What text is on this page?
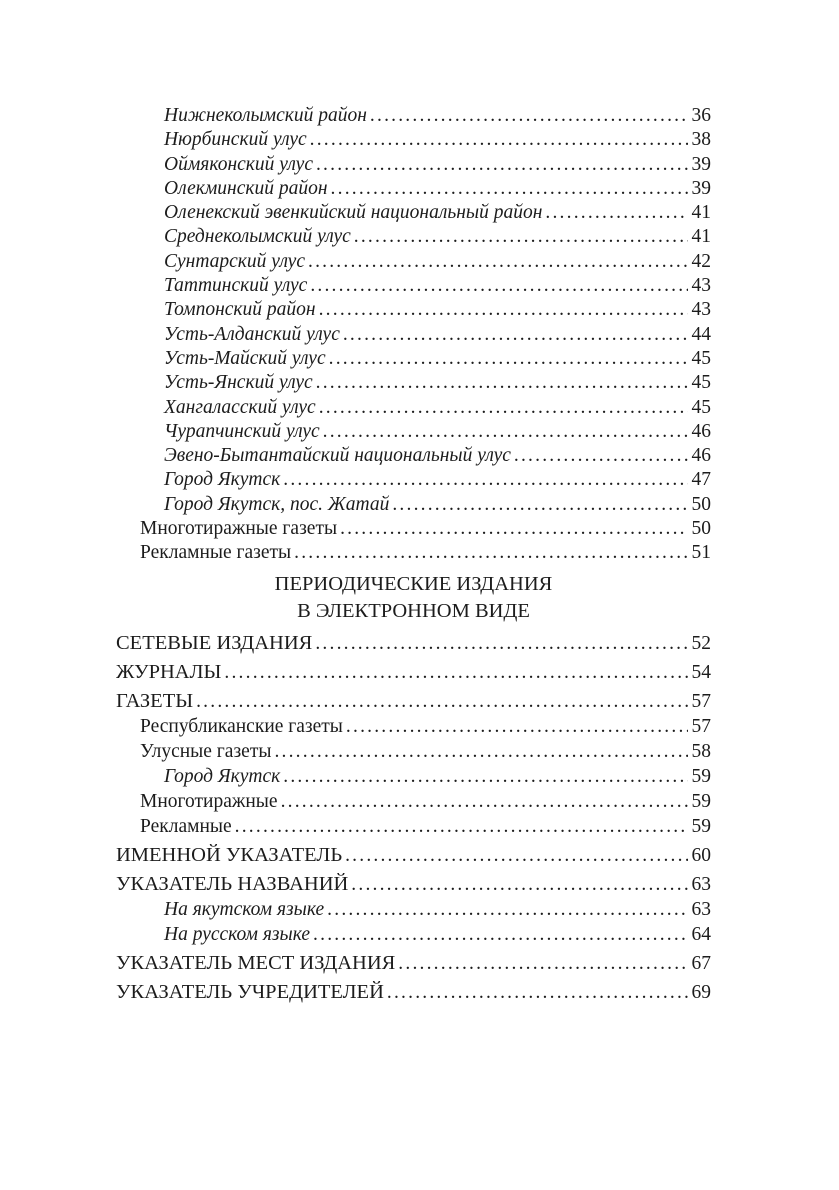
Нижнеколымский район .....	36
Нюрбинский улус .....	38
Оймяконский улус .....	39
Олекминский район .....	39
Оленекский эвенкийский национальный район .....	41
Среднеколымский улус .....	41
Сунтарский улус .....	42
Таттинский улус .....	43
Томпонский район .....	43
Усть-Алданский улус .....	44
Усть-Майский улус .....	45
Усть-Янский улус .....	45
Хангаласский улус .....	45
Чурапчинский улус .....	46
Эвено-Бытантайский национальный улус .....	46
Город Якутск .....	47
Город Якутск, пос. Жатай .....	50
Многотиражные газеты .....	50
Рекламные газеты .....	51
ПЕРИОДИЧЕСКИЕ ИЗДАНИЯ
В ЭЛЕКТРОННОМ ВИДЕ
СЕТЕВЫЕ ИЗДАНИЯ .....	52
ЖУРНАЛЫ .....	54
ГАЗЕТЫ .....	57
Республиканские газеты .....	57
Улусные газеты .....	58
Город Якутск .....	59
Многотиражные .....	59
Рекламные .....	59
ИМЕННОЙ УКАЗАТЕЛЬ .....	60
УКАЗАТЕЛЬ НАЗВАНИЙ .....	63
На якутском языке .....	63
На русском языке .....	64
УКАЗАТЕЛЬ МЕСТ ИЗДАНИЯ .....	67
УКАЗАТЕЛЬ УЧРЕДИТЕЛЕЙ .....	69
